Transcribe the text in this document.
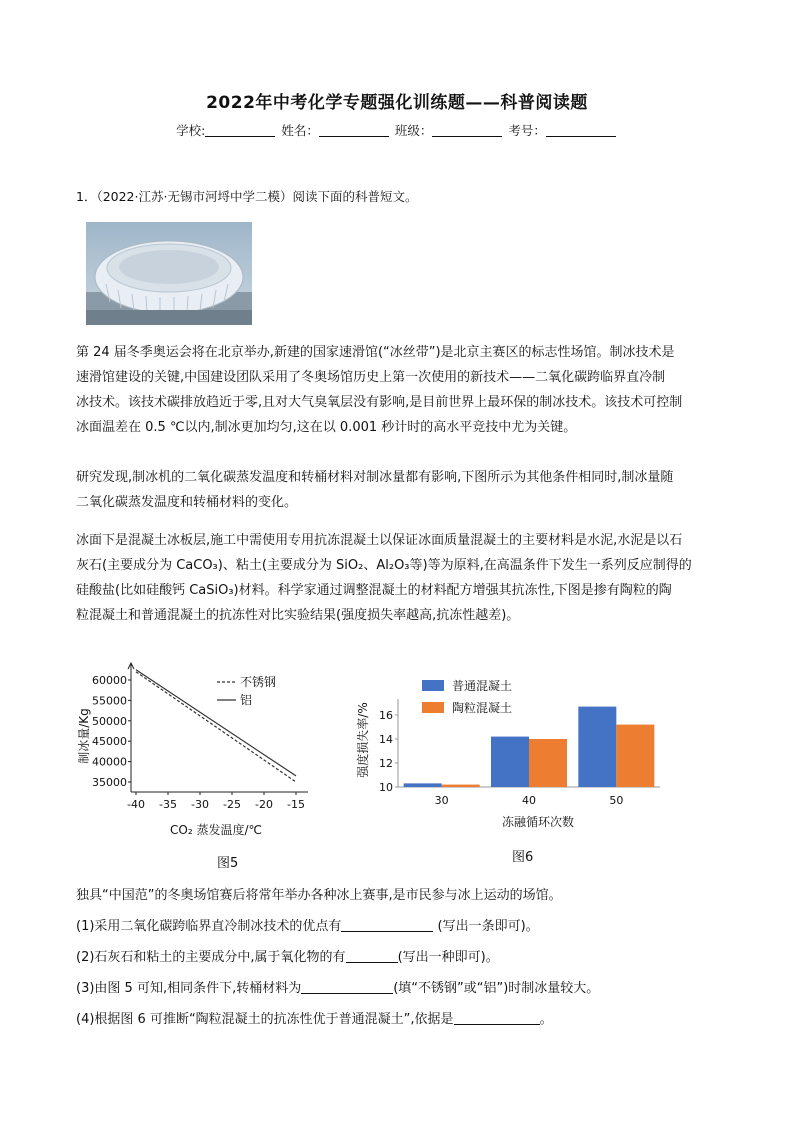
2022年中考化学专题强化训练题——科普阅读题
学校:	姓名：	班级：	考号：
1．（2022·江苏·无锡市河埒中学二模）阅读下面的科普短文。
第 24 届冬季奥运会将在北京举办,新建的国家速滑馆(“冰丝带”)是北京主赛区的标志性场馆。制冰技术是
速滑馆建设的关键,中国建设团队采用了冬奥场馆历史上第一次使用的新技术——二氧化碳跨临界直冷制
冰技术。该技术碳排放趋近于零,且对大气臭氧层没有影响,是目前世界上最环保的制冰技术。该技术可控制
冰面温差在 0.5 ℃以内,制冰更加均匀,这在以 0.001 秒计时的高水平竞技中尤为关键。
研究发现,制冰机的二氧化碳蒸发温度和转桶材料对制冰量都有影响,下图所示为其他条件相同时,制冰量随
二氧化碳蒸发温度和转桶材料的变化。
冰面下是混凝土冰板层,施工中需使用专用抗冻混凝土以保证冰面质量混凝土的主要材料是水泥,水泥是以石
灰石(主要成分为 CaCO₃)、粘土(主要成分为 SiO₂、Al₂O₃等)等为原料,在高温条件下发生一系列反应制得的
硅酸盐(比如硅酸钙 CaSiO₃)材料。科学家通过调整混凝土的材料配方增强其抗冻性,下图是掺有陶粒的陶
粒混凝土和普通混凝土的抗冻性对比实验结果(强度损失率越高,抗冻性越差)。
35000
40000
45000
50000
55000
60000
-40 -35 -30 -25 -20 -15
制冰量/Kg
CO₂ 蒸发温度/℃
不锈钢
铝
图5
10
12
14
16
30	40	50
强度损失率/%
冻融循环次数
普通混凝土
陶粒混凝土
图6
独具“中国范”的冬奥场馆赛后将常年举办各种冰上赛事,是市民参与冰上运动的场馆。
(1)采用二氧化碳跨临界直冷制冰技术的优点有	(写出一条即可)。
(2)石灰石和粘土的主要成分中,属于氧化物的有	(写出一种即可)。
(3)由图 5 可知,相同条件下,转桶材料为	(填“不锈钢”或“铝”)时制冰量较大。
(4)根据图 6 可推断“陶粒混凝土的抗冻性优于普通混凝土”,依据是	。
